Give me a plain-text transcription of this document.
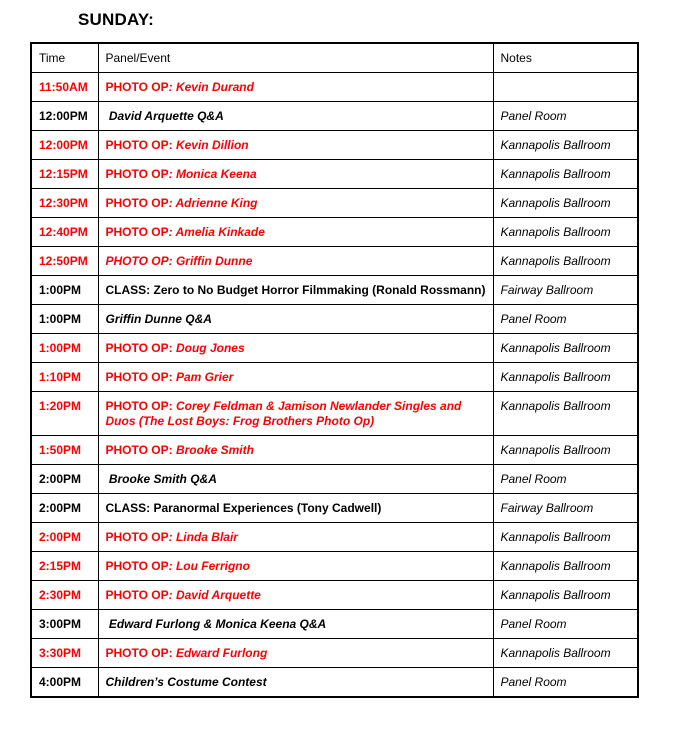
SUNDAY:
Time	Panel/Event	Notes
11:50AM	PHOTO OP: Kevin Durand	
12:00PM	David Arquette Q&A	Panel Room
12:00PM	PHOTO OP: Kevin Dillion	Kannapolis Ballroom
12:15PM	PHOTO OP: Monica Keena	Kannapolis Ballroom
12:30PM	PHOTO OP: Adrienne King	Kannapolis Ballroom
12:40PM	PHOTO OP: Amelia Kinkade	Kannapolis Ballroom
12:50PM	PHOTO OP: Griffin Dunne	Kannapolis Ballroom
1:00PM	CLASS: Zero to No Budget Horror Filmmaking (Ronald Rossmann)	Fairway Ballroom
1:00PM	Griffin Dunne Q&A	Panel Room
1:00PM	PHOTO OP: Doug Jones	Kannapolis Ballroom
1:10PM	PHOTO OP: Pam Grier	Kannapolis Ballroom
1:20PM	PHOTO OP: Corey Feldman & Jamison Newlander Singles and Duos (The Lost Boys: Frog Brothers Photo Op)	Kannapolis Ballroom
1:50PM	PHOTO OP: Brooke Smith	Kannapolis Ballroom
2:00PM	Brooke Smith Q&A	Panel Room
2:00PM	CLASS: Paranormal Experiences (Tony Cadwell)	Fairway Ballroom
2:00PM	PHOTO OP: Linda Blair	Kannapolis Ballroom
2:15PM	PHOTO OP: Lou Ferrigno	Kannapolis Ballroom
2:30PM	PHOTO OP: David Arquette	Kannapolis Ballroom
3:00PM	Edward Furlong & Monica Keena Q&A	Panel Room
3:30PM	PHOTO OP: Edward Furlong	Kannapolis Ballroom
4:00PM	Children’s Costume Contest	Panel Room
